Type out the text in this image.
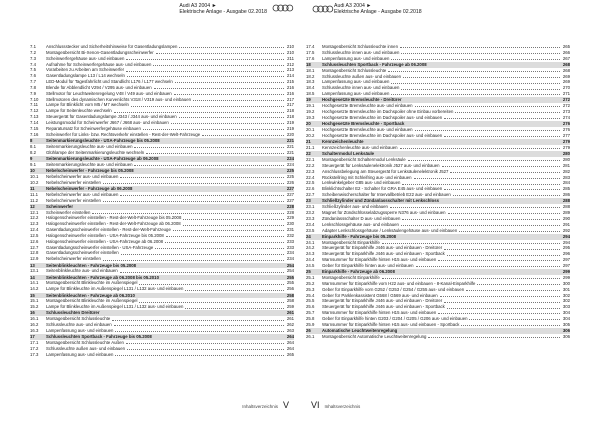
Audi A3 2004 ►
Elektrische Anlage - Ausgabe 02.2018
7.1	Anschlussstecker und Sicherheitshinweise für Gasentladungslampen	210
7.2	Montageübersicht Bi-Xenon-Gasentladungsscheinwerfer	210
7.3	Scheinwerfergehäuse aus- und einbauen	211
7.4	Aufnahme für Scheinwerfergehäuse aus- und einbauen	212
7.5	Vorarbeiten zu Arbeiten am Scheinwerfer	213
7.6	Gasentladungslampe L13 / L14 wechseln	214
7.7	LED-Modul für Tagesfahrlicht und Standlicht L176 / L177 wechseln	215
7.8	Blende für Abblendlicht V294 / V295 aus- und einbauen	216
7.9	Stellmotor für Leuchtweitenregelung V48 / V49 aus- und einbauen	216
7.10	Stellmotoren des dynamischen Kurvenlichts V318 / V319 aus- und einbauen	217
7.11	Lampe für Blinklicht vorn M5 / M7 wechseln	217
7.12	Lampe für Seitenleuchte wechseln	218
7.13	Steuergerät für Gasentladungslampe J343 / J344 aus- und einbauen	218
7.14	Leistungsmodul für Scheinwerfer J667 / J668 aus- und einbauen	219
7.15	Reparatursatz für Scheinwerfergehäuse einbauen	219
7.16	Scheinwerfer für Links- bzw. Rechtsverkehr einstellen - Rest-der-Welt-Fahrzeuge	220
8	Seitenmarkierungsleuchte - USA-Fahrzeuge bis 05.2008	221
8.1	Seitenmarkierungsleuchte aus- und einbauen	221
8.2	Glühlampe der Seitenmarkierungsleuchte wechseln	221
9	Seitenmarkierungsleuchte - USA-Fahrzeuge ab 06.2008	224
9.1	Seitenmarkierungsleuchte aus- und einbauen	224
10	Nebelscheinwerfer - Fahrzeuge bis 05.2008	225
10.1	Nebelscheinwerfer aus- und einbauen	225
10.2	Nebelscheinwerfer einstellen	226
11	Nebelscheinwerfer - Fahrzeuge ab 06.2008	227
11.1	Nebelscheinwerfer aus- und einbauen	227
11.2	Nebelscheinwerfer einstellen	227
12	Scheinwerfer	228
12.1	Scheinwerfer einstellen	228
12.2	Halogenscheinwerfer einstellen - Rest-der-Welt-Fahrzeuge bis 05.2008	229
12.3	Halogenscheinwerfer einstellen - Rest-der-Welt-Fahrzeuge ab 06.2008	230
12.4	Gasentladungsscheinwerfer einstellen - Rest-der-Welt-Fahrzeuge	231
12.5	Halogenscheinwerfer einstellen - USA-Fahrzeuge bis 05.2008	232
12.6	Halogenscheinwerfer einstellen - USA-Fahrzeuge ab 06.2008	233
12.7	Gasentladungsscheinwerfer einstellen - USA-Fahrzeuge	233
12.8	Gasentladungsscheinwerfer einstellen	234
12.9	Nebelscheinwerfer einstellen	234
13	Seitenblinkleuchten - Fahrzeuge bis 05.2008	254
13.1	Seitenblinkleuchte aus- und einbauen	254
14	Seitenblinkleuchten - Fahrzeuge ab 06.2008 bis 05.2010	255
14.1	Montageübersicht Blinkleuchte im Außenspiegel	255
14.2	Lampe für Blinkleuchte im Außenspiegel L131 / L132 aus- und einbauen	256
15	Seitenblinkleuchten - Fahrzeuge ab 06.2010	258
15.1	Montageübersicht Blinkleuchte im Außenspiegel	258
15.2	Lampe für Blinkleuchte im Außenspiegel L131 / L132 aus- und einbauen	259
16	Schlussleuchten Dreitürer	261
16.1	Montageübersicht Schlussleuchte	261
16.2	Schlussleuchte aus- und einbauen	262
16.3	Lampenfassung aus- und einbauen	263
17	Schlussleuchten Sportback - Fahrzeuge bis 05.2008	264
17.1	Montageübersicht Schlussleuchte Außen	264
17.2	Schlussleuchte außen aus- und einbauen	264
17.3	Lampenfassung aus- und einbauen	265
Inhaltsverzeichnis V
Audi A3 2004 ►
Elektrische Anlage - Ausgabe 02.2018
17.4	Montageübersicht Schlussleuchte innen	265
17.5	Schlussleuchte innen aus- und einbauen	266
17.6	Lampenfassung aus- und einbauen	267
18	Schlussleuchten Sportback - Fahrzeuge ab 06.2008	268
18.1	Montageübersicht Schlussleuchte	268
18.2	Schlussleuchte außen aus- und einbauen	269
18.3	Lampenfassung aus- und einbauen	269
18.4	Schlussleuchte innen aus- und einbauen	270
18.5	Lampenfassung aus- und einbauen	271
19	Hochgesetzte Bremsleuchte - Dreitürer	272
19.1	Hochgesetzte Bremsleuchte aus- und einbauen	272
19.2	Hochgesetzte Bremsleuchte im Dachspoiler ohne Einbau vorbereiten	273
19.3	Hochgesetzte Bremsleuchte im Dachspoiler aus- und einbauen	274
20	Hochgesetzte Bremsleuchte - Sportback	276
20.1	Hochgesetzte Bremsleuchte aus- und einbauen	276
20.2	Hochgesetzte Bremsleuchte im Dachspoiler aus- und einbauen	277
21	Kennzeichenleuchte	279
21.1	Kennzeichenleuchte aus- und einbauen	279
22	Schaltermodul Lenksäule	280
22.1	Montageübersicht Schaltermodul Lenksäule	280
22.2	Steuergerät für Lenksäulenelektronik J527 aus- und einbauen	281
22.3	Anschlussbelegung am Steuergerät für Lenksäulenelektronik J527	282
22.4	Rückstellring mit Schleifring aus- und einbauen	283
22.5	Lenkwinkelgeber G85 aus- und einbauen	284
22.6	Blinklichtschalter E2 - Schalter für GRA E45 aus- und einbauen	285
22.7	Scheibenwischerschalter für Intervallbetrieb E22 aus- und einbauen	286
23	Schließzylinder und Zündanlassschalter mit Lenkschloss	288
23.1	Schließzylinder aus- und einbauen	288
23.2	Magnet für Zündschlüsselabzugssperre N376 aus- und einbauen	289
23.3	Zündanlassschalter D aus- und einbauen	290
23.4	Lenkschlossgehäuse aus- und einbauen	291
23.5	Adapter Lenkschlossgehäuse / Lenksäulengehäuse aus- und einbauen	292
24	Einparkhilfe - Fahrzeuge bis 05.2008	294
24.1	Montageübersicht Einparkhilfe	294
24.2	Steuergerät für Einparkhilfe J446 aus- und einbauen - Dreitürer	295
24.3	Steuergerät für Einparkhilfe J446 aus- und einbauen - Sportback	296
24.4	Warnsummer für Einparkhilfe hinten H15 aus- und einbauen	297
24.5	Geber für Einparkhilfe hinten aus- und einbauen	297
25	Einparkhilfe - Fahrzeuge ab 06.2008	299
25.1	Montageübersicht Einparkhilfe	299
25.2	Warnsummer für Einparkhilfe vorn H22 aus- und einbauen - 8-Kanal-Einparkhilfe	300
25.3	Geber für Einparkhilfe vorn G252 / G253 / G254 / G255 aus- und einbauen	301
25.4	Geber für Parklenkassistent G568 / G569 aus- und einbauen	302
25.5	Steuergerät für Einparkhilfe J446 aus- und einbauen - Dreitürer	302
25.6	Steuergerät für Einparkhilfe J446 aus- und einbauen - Sportback	303
25.7	Warnsummer für Einparkhilfe hinten H15 aus- und einbauen	304
25.8	Geber für Einparkhilfe hinten G203 / G204 / G205 / G206 aus- und einbauen	304
25.9	Warnsummer für Einparkhilfe hinten H15 aus- und einbauen - Sportback	305
26	Automatische Leuchtweitenregelung	306
26.1	Montageübersicht Automatische Leuchtweitenregelung	306
VI Inhaltsverzeichnis
